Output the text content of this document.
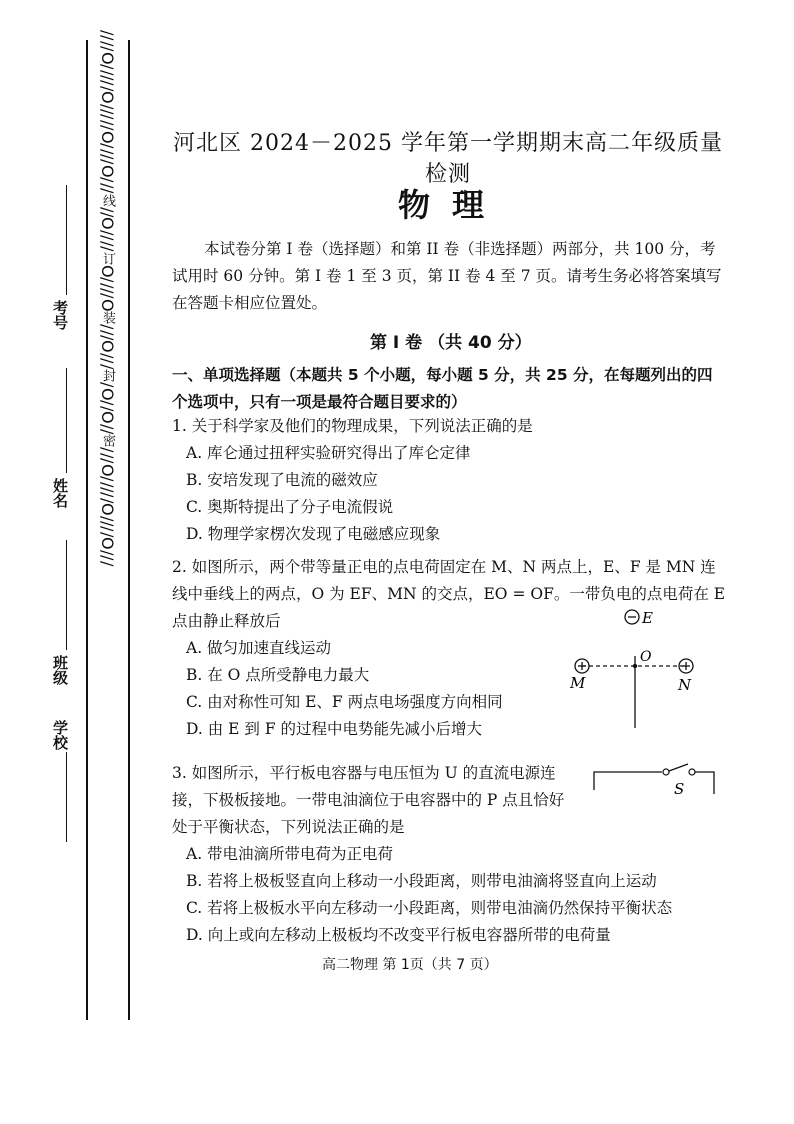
/
/
/
/
O
/
/
/
/
/
O
/
/
/
/
/
O
/
/
/
/
O
/
/
/
线
/
/
O
/
/
/
/
订
O
/
/
/
/
O
装
/
/
/
O
/
/
/
封
/
O
/
/
O
/
/
密
/
/
/
O
/
/
/
/
/
O
/
/
/
/
O
/
/
/
考号
姓名
班级
学校
河北区 2024－2025 学年第一学期期末高二年级质量检测
物理
本试卷分第 I 卷（选择题）和第 II 卷（非选择题）两部分，共 100 分，考
试用时 60 分钟。第 I 卷 1 至 3 页，第 II 卷 4 至 7 页。请考生务必将答案填写
在答题卡相应位置处。
第 I 卷 （共 40 分）
一、单项选择题（本题共 5 个小题，每小题 5 分，共 25 分，在每题列出的四
个选项中，只有一项是最符合题目要求的）
1. 关于科学家及他们的物理成果，下列说法正确的是
A. 库仑通过扭秤实验研究得出了库仑定律
B. 安培发现了电流的磁效应
C. 奥斯特提出了分子电流假说
D. 物理学家楞次发现了电磁感应现象
2. 如图所示，两个带等量正电的点电荷固定在 M、N 两点上，E、F 是 MN 连
线中垂线上的两点，O 为 EF、MN 的交点，EO = OF。一带负电的点电荷在 E
点由静止释放后
A. 做匀加速直线运动
B. 在 O 点所受静电力最大
C. 由对称性可知 E、F 两点电场强度方向相同
D. 由 E 到 F 的过程中电势能先减小后增大
E
O
M	N
3. 如图所示，平行板电容器与电压恒为 U 的直流电源连
接，下极板接地。一带电油滴位于电容器中的 P 点且恰好
处于平衡状态，下列说法正确的是
A. 带电油滴所带电荷为正电荷
B. 若将上极板竖直向上移动一小段距离，则带电油滴将竖直向上运动
C. 若将上极板水平向左移动一小段距离，则带电油滴仍然保持平衡状态
D. 向上或向左移动上极板均不改变平行板电容器所带的电荷量
S
高二物理 第 1页（共 7 页）
